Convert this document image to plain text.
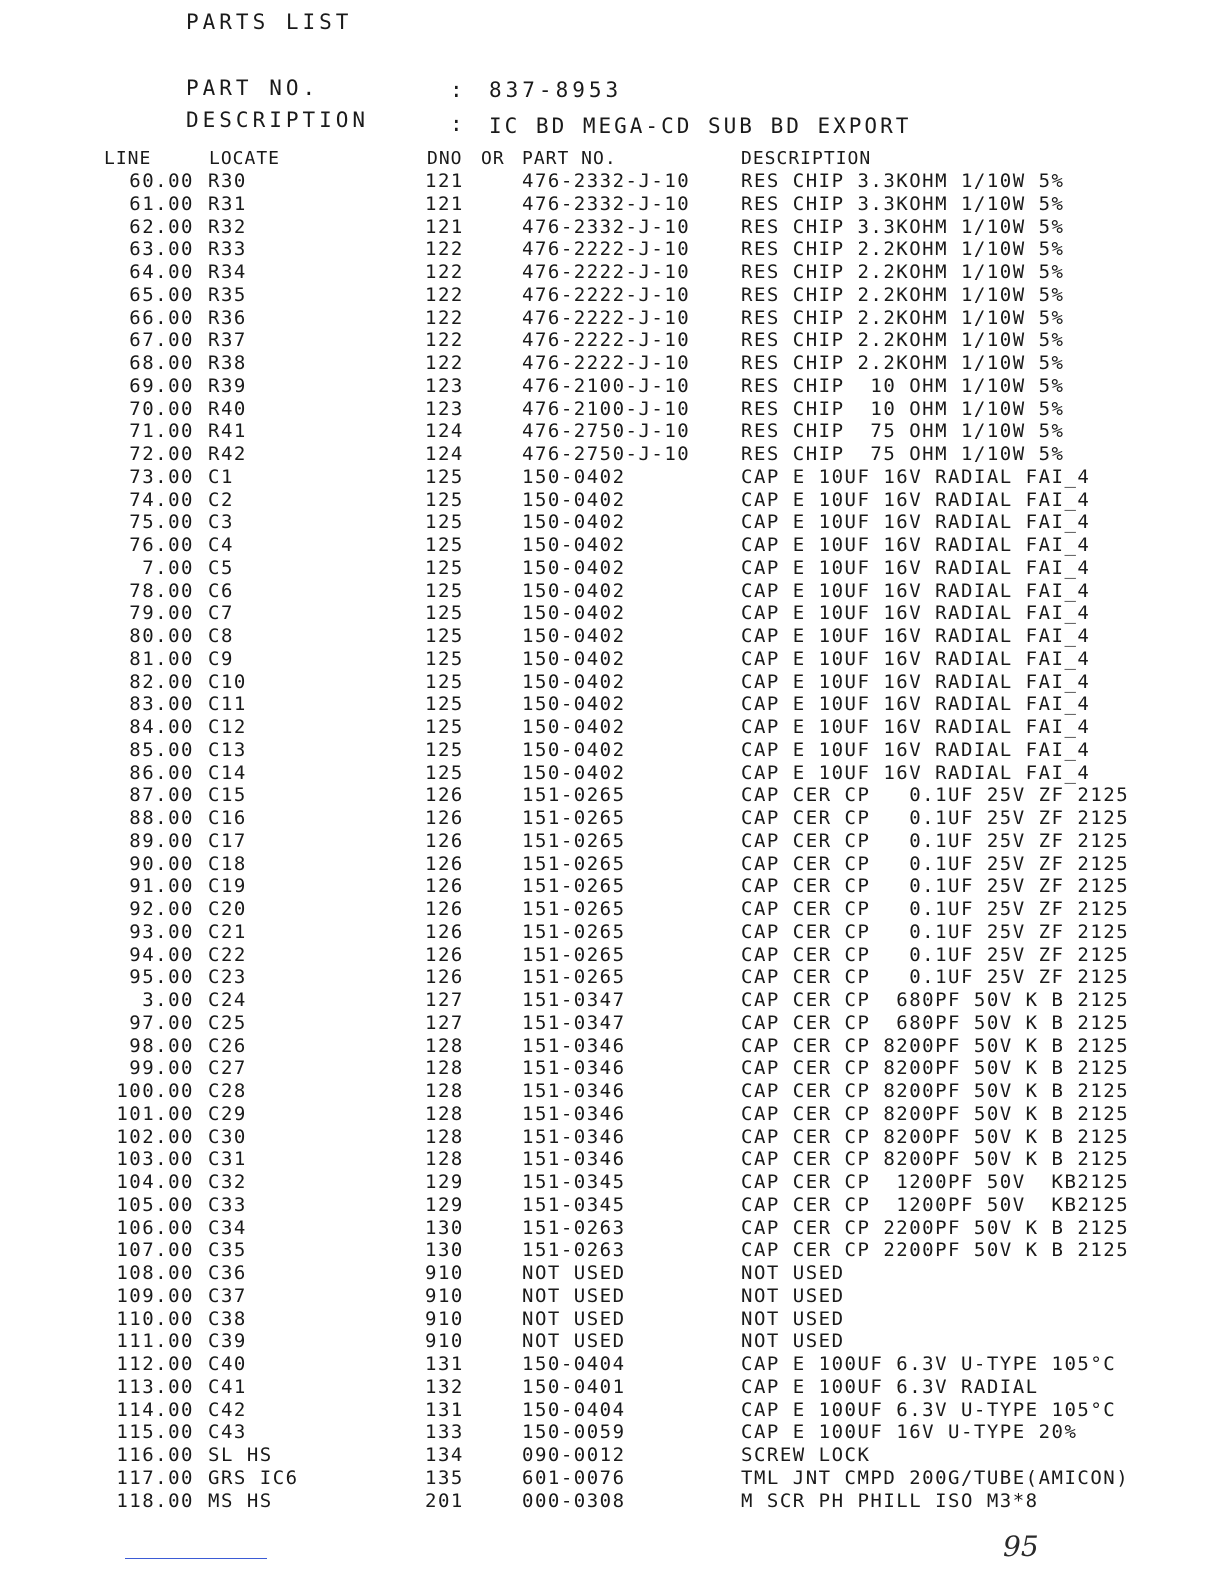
PARTS LIST
PART NO.	: 837-8953
DESCRIPTION	: IC BD MEGA-CD SUB BD EXPORT
LINE	LOCATE	DNO OR PART NO.	DESCRIPTION
60.00 R30	121	476-2332-J-10	RES CHIP 3.3KOHM 1/10W 5%
61.00 R31	121	476-2332-J-10	RES CHIP 3.3KOHM 1/10W 5%
62.00 R32	121	476-2332-J-10	RES CHIP 3.3KOHM 1/10W 5%
63.00 R33	122	476-2222-J-10	RES CHIP 2.2KOHM 1/10W 5%
64.00 R34	122	476-2222-J-10	RES CHIP 2.2KOHM 1/10W 5%
65.00 R35	122	476-2222-J-10	RES CHIP 2.2KOHM 1/10W 5%
66.00 R36	122	476-2222-J-10	RES CHIP 2.2KOHM 1/10W 5%
67.00 R37	122	476-2222-J-10	RES CHIP 2.2KOHM 1/10W 5%
68.00 R38	122	476-2222-J-10	RES CHIP 2.2KOHM 1/10W 5%
69.00 R39	123	476-2100-J-10	RES CHIP  10 OHM 1/10W 5%
70.00 R40	123	476-2100-J-10	RES CHIP  10 OHM 1/10W 5%
71.00 R41	124	476-2750-J-10	RES CHIP  75 OHM 1/10W 5%
72.00 R42	124	476-2750-J-10	RES CHIP  75 OHM 1/10W 5%
73.00 C1	125	150-0402	CAP E 10UF 16V RADIAL FAI_4
74.00 C2	125	150-0402	CAP E 10UF 16V RADIAL FAI_4
75.00 C3	125	150-0402	CAP E 10UF 16V RADIAL FAI_4
76.00 C4	125	150-0402	CAP E 10UF 16V RADIAL FAI_4
7.00 C5	125	150-0402	CAP E 10UF 16V RADIAL FAI_4
78.00 C6	125	150-0402	CAP E 10UF 16V RADIAL FAI_4
79.00 C7	125	150-0402	CAP E 10UF 16V RADIAL FAI_4
80.00 C8	125	150-0402	CAP E 10UF 16V RADIAL FAI_4
81.00 C9	125	150-0402	CAP E 10UF 16V RADIAL FAI_4
82.00 C10	125	150-0402	CAP E 10UF 16V RADIAL FAI_4
83.00 C11	125	150-0402	CAP E 10UF 16V RADIAL FAI_4
84.00 C12	125	150-0402	CAP E 10UF 16V RADIAL FAI_4
85.00 C13	125	150-0402	CAP E 10UF 16V RADIAL FAI_4
86.00 C14	125	150-0402	CAP E 10UF 16V RADIAL FAI_4
87.00 C15	126	151-0265	CAP CER CP   0.1UF 25V ZF 2125
88.00 C16	126	151-0265	CAP CER CP   0.1UF 25V ZF 2125
89.00 C17	126	151-0265	CAP CER CP   0.1UF 25V ZF 2125
90.00 C18	126	151-0265	CAP CER CP   0.1UF 25V ZF 2125
91.00 C19	126	151-0265	CAP CER CP   0.1UF 25V ZF 2125
92.00 C20	126	151-0265	CAP CER CP   0.1UF 25V ZF 2125
93.00 C21	126	151-0265	CAP CER CP   0.1UF 25V ZF 2125
94.00 C22	126	151-0265	CAP CER CP   0.1UF 25V ZF 2125
95.00 C23	126	151-0265	CAP CER CP   0.1UF 25V ZF 2125
3.00 C24	127	151-0347	CAP CER CP  680PF 50V K B 2125
97.00 C25	127	151-0347	CAP CER CP  680PF 50V K B 2125
98.00 C26	128	151-0346	CAP CER CP 8200PF 50V K B 2125
99.00 C27	128	151-0346	CAP CER CP 8200PF 50V K B 2125
100.00 C28	128	151-0346	CAP CER CP 8200PF 50V K B 2125
101.00 C29	128	151-0346	CAP CER CP 8200PF 50V K B 2125
102.00 C30	128	151-0346	CAP CER CP 8200PF 50V K B 2125
103.00 C31	128	151-0346	CAP CER CP 8200PF 50V K B 2125
104.00 C32	129	151-0345	CAP CER CP  1200PF 50V  KB2125
105.00 C33	129	151-0345	CAP CER CP  1200PF 50V  KB2125
106.00 C34	130	151-0263	CAP CER CP 2200PF 50V K B 2125
107.00 C35	130	151-0263	CAP CER CP 2200PF 50V K B 2125
108.00 C36	910	NOT USED	NOT USED
109.00 C37	910	NOT USED	NOT USED
110.00 C38	910	NOT USED	NOT USED
111.00 C39	910	NOT USED	NOT USED
112.00 C40	131	150-0404	CAP E 100UF 6.3V U-TYPE 105°C
113.00 C41	132	150-0401	CAP E 100UF 6.3V RADIAL
114.00 C42	131	150-0404	CAP E 100UF 6.3V U-TYPE 105°C
115.00 C43	133	150-0059	CAP E 100UF 16V U-TYPE 20%
116.00 SL HS	134	090-0012	SCREW LOCK
117.00 GRS IC6	135	601-0076	TML JNT CMPD 200G/TUBE(AMICON)
118.00 MS HS	201	000-0308	M SCR PH PHILL ISO M3*8
95
